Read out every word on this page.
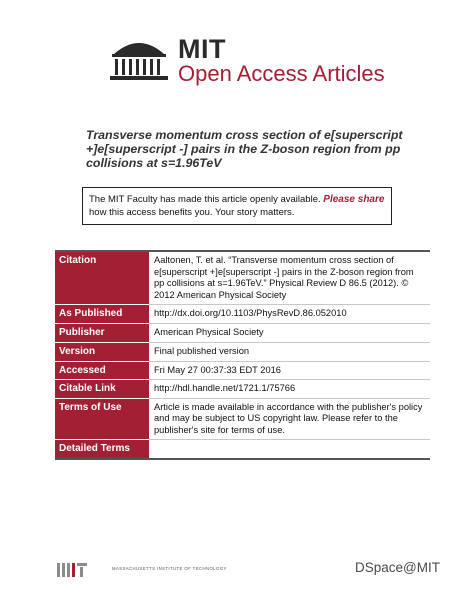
MIT
Open Access Articles
Transverse momentum cross section of e[superscript +]e[superscript -] pairs in the Z-boson region from pp collisions at s=1.96TeV
The MIT Faculty has made this article openly available. Please share
how this access benefits you. Your story matters.
Citation	Aaltonen, T. et al. “Transverse momentum cross section of e[superscript +]e[superscript -] pairs in the Z-boson region from pp collisions at s=1.96TeV.” Physical Review D 86.5 (2012). © 2012 American Physical Society
As Published	http://dx.doi.org/10.1103/PhysRevD.86.052010
Publisher	American Physical Society
Version	Final published version
Accessed	Fri May 27 00:37:33 EDT 2016
Citable Link	http://hdl.handle.net/1721.1/75766
Terms of Use	Article is made available in accordance with the publisher's policy and may be subject to US copyright law. Please refer to the publisher's site for terms of use.
Detailed Terms	
MASSACHUSETTS INSTITUTE OF TECHNOLOGY	DSpace@MIT
